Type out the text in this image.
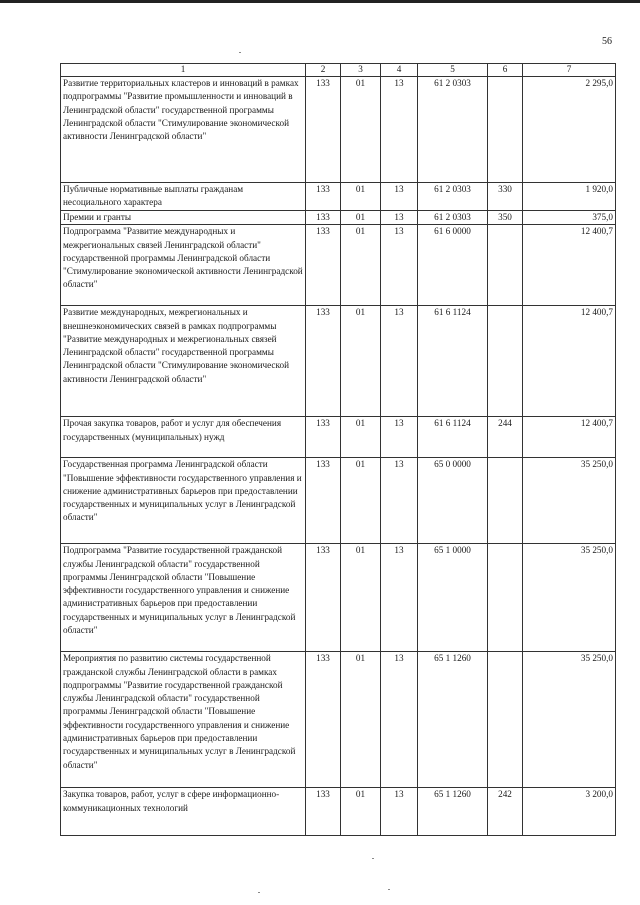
56
1	2	3	4	5	6	7
Развитие территориальных кластеров и инноваций в рамках подпрограммы "Развитие промышленности и инноваций в Ленинградской области" государственной программы Ленинградской области "Стимулирование экономической активности Ленинградской области"	133	01	13	61 2 0303		2 295,0
Публичные нормативные выплаты гражданам несоциального характера	133	01	13	61 2 0303	330	1 920,0
Премии и гранты	133	01	13	61 2 0303	350	375,0
Подпрограмма "Развитие международных и межрегиональных связей Ленинградской области" государственной программы Ленинградской области "Стимулирование экономической активности Ленинградской области"	133	01	13	61 6 0000		12 400,7
Развитие международных, межрегиональных и внешнеэкономических связей в рамках подпрограммы "Развитие международных и межрегиональных связей Ленинградской области" государственной программы Ленинградской области "Стимулирование экономической активности Ленинградской области"	133	01	13	61 6 1124		12 400,7
Прочая закупка товаров, работ и услуг для обеспечения государственных (муниципальных) нужд	133	01	13	61 6 1124	244	12 400,7
Государственная программа Ленинградской области "Повышение эффективности государственного управления и снижение административных барьеров при предоставлении государственных и муниципальных услуг в Ленинградской области"	133	01	13	65 0 0000		35 250,0
Подпрограмма "Развитие государственной гражданской службы Ленинградской области" государственной программы Ленинградской области "Повышение эффективности государственного управления и снижение административных барьеров при предоставлении государственных и муниципальных услуг в Ленинградской области"	133	01	13	65 1 0000		35 250,0
Мероприятия по развитию системы государственной гражданской службы Ленинградской области в рамках подпрограммы "Развитие государственной гражданской службы Ленинградской области" государственной программы Ленинградской области "Повышение эффективности государственного управления и снижение административных барьеров при предоставлении государственных и муниципальных услуг в Ленинградской области"	133	01	13	65 1 1260		35 250,0
Закупка товаров, работ, услуг в сфере информационно-коммуникационных технологий	133	01	13	65 1 1260	242	3 200,0
